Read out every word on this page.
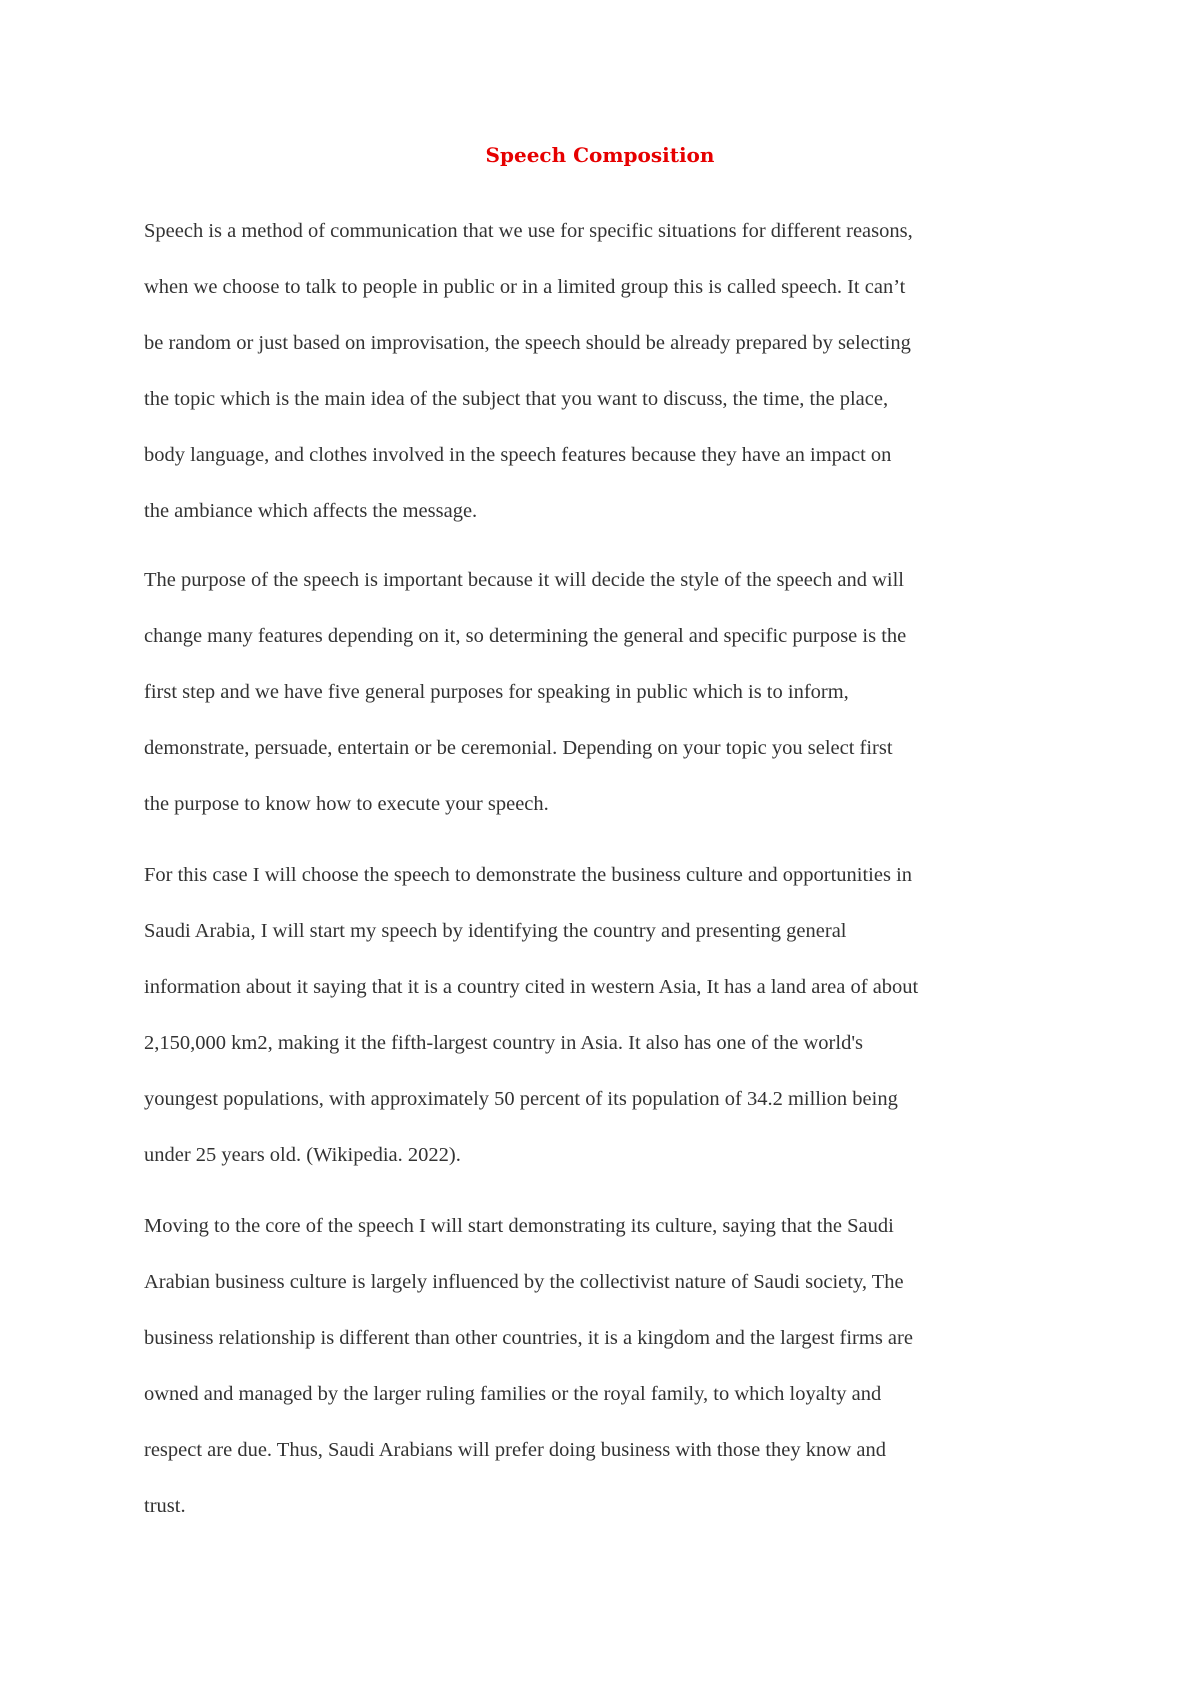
Speech Composition

Speech is a method of communication that we use for specific situations for different reasons,
when we choose to talk to people in public or in a limited group this is called speech. It can’t
be random or just based on improvisation, the speech should be already prepared by selecting
the topic which is the main idea of the subject that you want to discuss, the time, the place,
body language, and clothes involved in the speech features because they have an impact on
the ambiance which affects the message.

The purpose of the speech is important because it will decide the style of the speech and will
change many features depending on it, so determining the general and specific purpose is the
first step and we have five general purposes for speaking in public which is to inform,
demonstrate, persuade, entertain or be ceremonial. Depending on your topic you select first
the purpose to know how to execute your speech.

For this case I will choose the speech to demonstrate the business culture and opportunities in
Saudi Arabia, I will start my speech by identifying the country and presenting general
information about it saying that it is a country cited in western Asia, It has a land area of about
2,150,000 km2, making it the fifth-largest country in Asia. It also has one of the world's
youngest populations, with approximately 50 percent of its population of 34.2 million being
under 25 years old. (Wikipedia. 2022).

Moving to the core of the speech I will start demonstrating its culture, saying that the Saudi
Arabian business culture is largely influenced by the collectivist nature of Saudi society, The
business relationship is different than other countries, it is a kingdom and the largest firms are
owned and managed by the larger ruling families or the royal family, to which loyalty and
respect are due. Thus, Saudi Arabians will prefer doing business with those they know and
trust.
